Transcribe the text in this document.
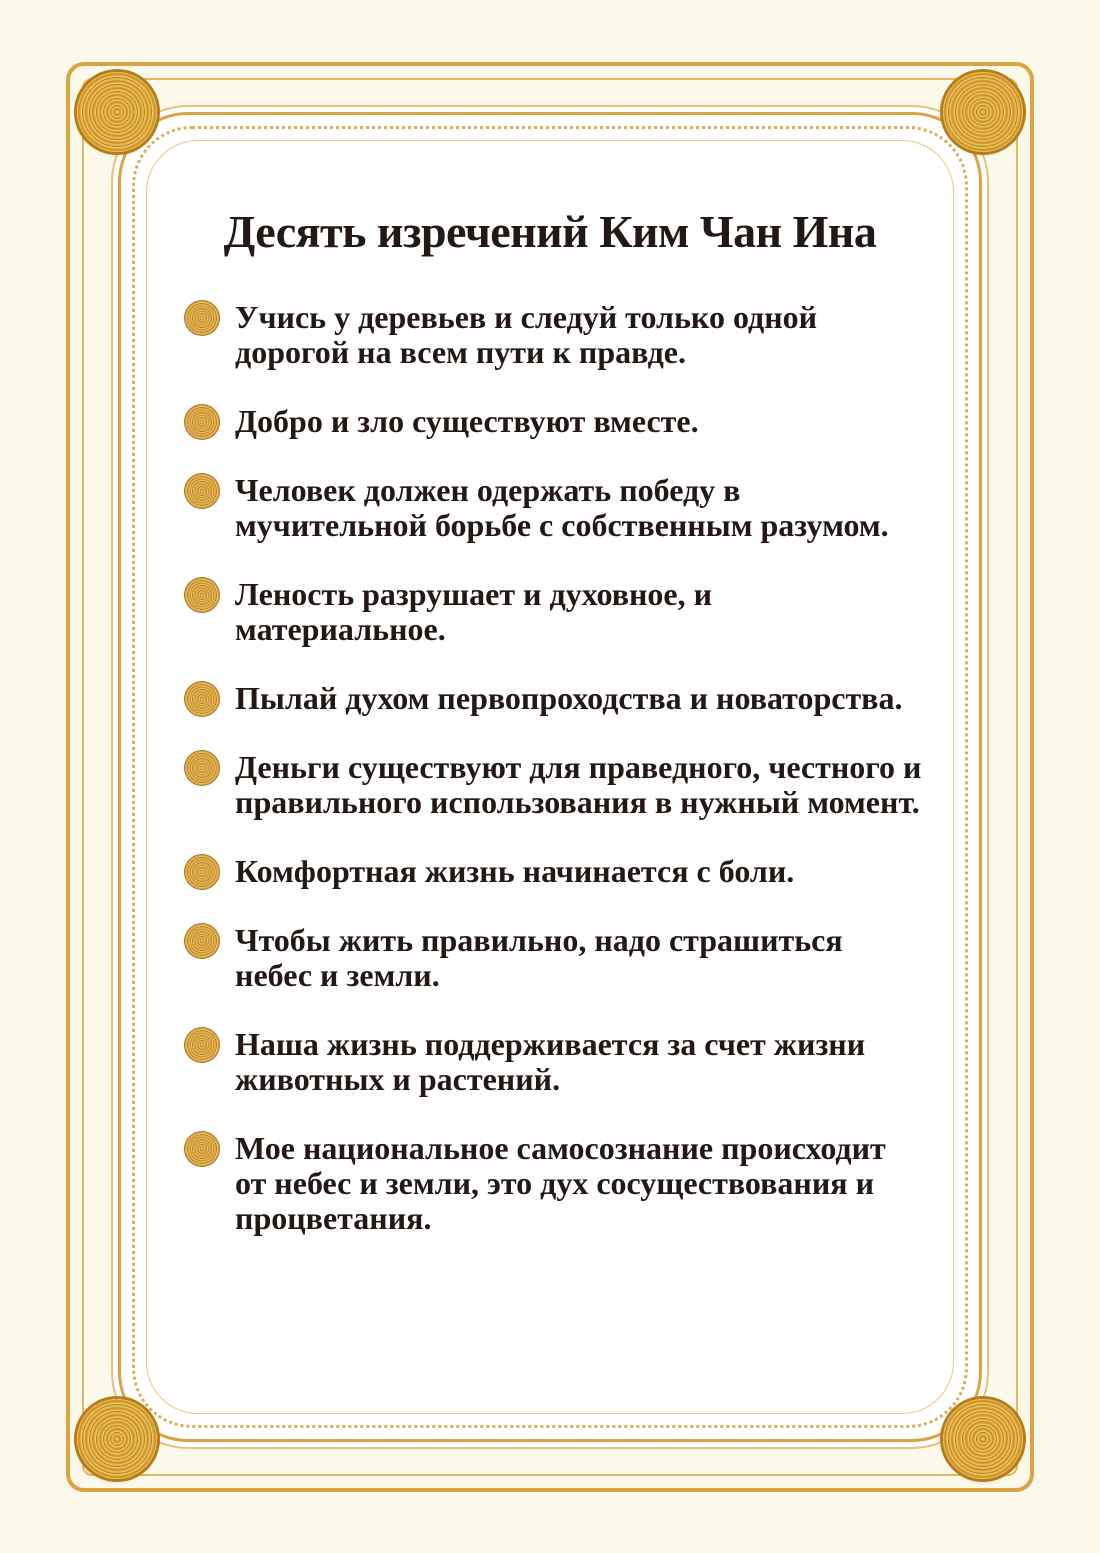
Десять изречений Ким Чан Ина
Учись у деревьев и следуй только одной дорогой на всем пути к правде.
Добро и зло существуют вместе.
Человек должен одержать победу в мучительной борьбе с собственным разумом.
Леность разрушает и духовное, и материальное.
Пылай духом первопроходства и новаторства.
Деньги существуют для праведного, честного и правильного использования в нужный момент.
Комфортная жизнь начинается с боли.
Чтобы жить правильно, надо страшиться небес и земли.
Наша жизнь поддерживается за счет жизни животных и растений.
Мое национальное самосознание происходит от небес и земли, это дух сосуществования и процветания.
